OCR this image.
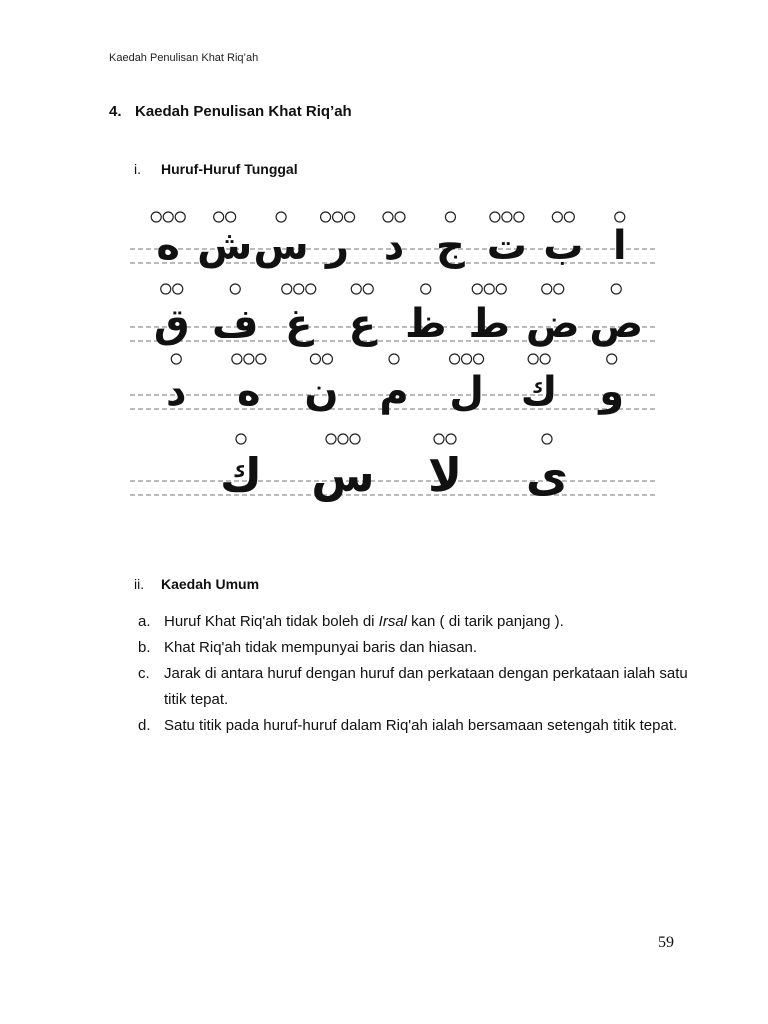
Kaedah Penulisan Khat Riq’ah
4. Kaedah Penulisan Khat Riq’ah
i. Huruf-Huruf Tunggal
ا
ب
ت
ج
د
ر
س
ش
ه
ص
ض
ط
ظ
ع
غ
ف
ق
و
ك
ل
م
ن
ه
د
ى
لا
س
ك
ii. Kaedah Umum
a. Huruf Khat Riq'ah tidak boleh di Irsal kan ( di tarik panjang ).
b. Khat Riq'ah tidak mempunyai baris dan hiasan.
c. Jarak di antara huruf dengan huruf dan perkataan dengan perkataan ialah satu titik tepat.
d. Satu titik pada huruf-huruf dalam Riq'ah ialah bersamaan setengah titik tepat.
59
